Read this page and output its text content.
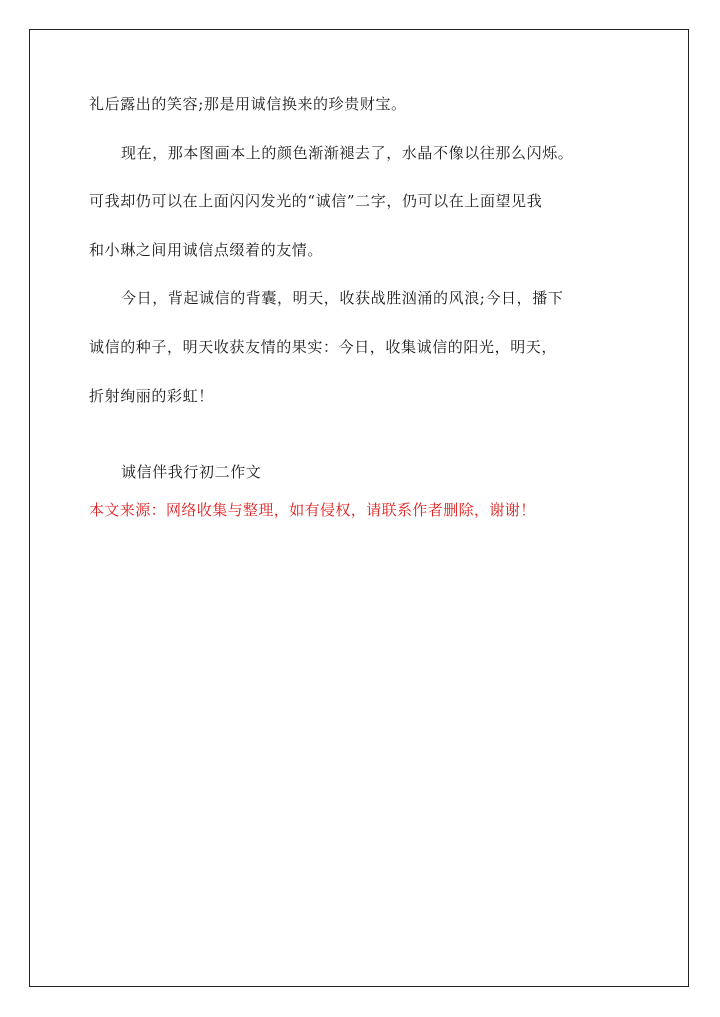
礼后露出的笑容;那是用诚信换来的珍贵财宝。
现在，那本图画本上的颜色渐渐褪去了，水晶不像以往那么闪烁。
可我却仍可以在上面闪闪发光的“诚信”二字，仍可以在上面望见我
和小琳之间用诚信点缀着的友情。
今日，背起诚信的背囊，明天，收获战胜汹涌的风浪;今日，播下
诚信的种子，明天收获友情的果实：今日，收集诚信的阳光，明天，
折射绚丽的彩虹！
诚信伴我行初二作文
本文来源：网络收集与整理，如有侵权，请联系作者删除，谢谢！
